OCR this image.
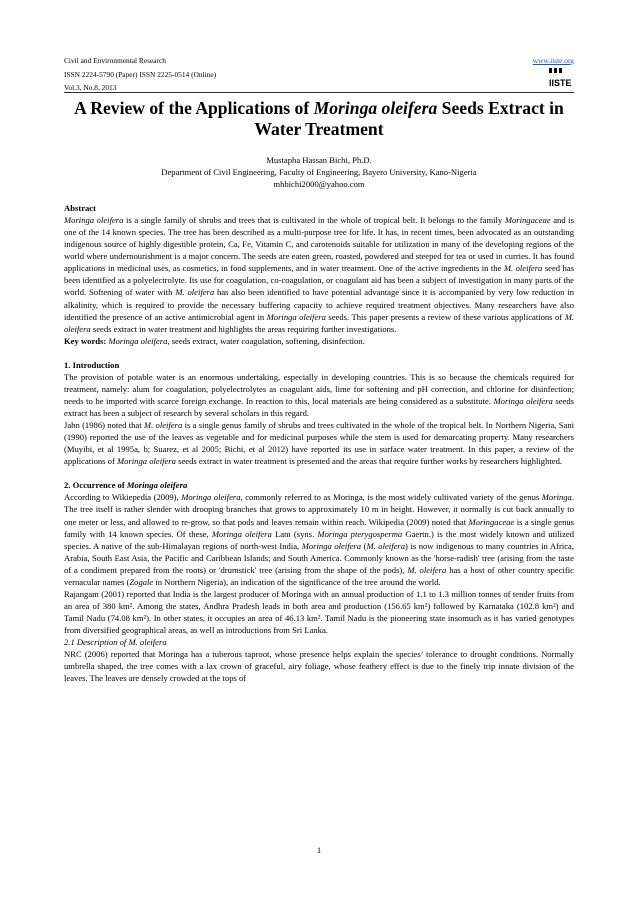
Civil and Environmental Research
ISSN 2224-5790 (Paper) ISSN 2225-0514 (Online)
Vol.3, No.8, 2013
www.iiste.org
IISTE
A Review of the Applications of Moringa oleifera Seeds Extract in Water Treatment
Mustapha Hassan Bichi, Ph.D.
Department of Civil Engineering, Faculty of Engineering, Bayero University, Kano-Nigeria
mhbichi2000@yahoo.com

Abstract

Moringa oleifera is a single family of shrubs and trees that is cultivated in the whole of tropical belt. It belongs to the family Moringaceae and is one of the 14 known species. The tree has been described as a multi-purpose tree for life. It has, in recent times, been advocated as an outstanding indigenous source of highly digestible protein, Ca, Fe, Vitamin C, and carotenoids suitable for utilization in many of the developing regions of the world where undernourishment is a major concern. The seeds are eaten green, roasted, powdered and steeped for tea or used in curries. It has found applications in medicinal uses, as cosmetics, in food supplements, and in water treatment. One of the active ingredients in the M. oleifera seed has been identified as a polyelectrolyte. Its use for coagulation, co-coagulation, or coagulant aid has been a subject of investigation in many parts of the world. Softening of water with M. oleifera has also been identified to have potential advantage since it is accompanied by very low reduction in alkalinity, which is required to provide the necessary buffering capacity to achieve required treatment objectives. Many researchers have also identified the presence of an active antimicrobial agent in Moringa oleifera seeds. This paper presents a review of these various applications of M. oleifera seeds extract in water treatment and highlights the areas requiring further investigations.

Key words: Moringa oleifera, seeds extract, water coagulation, softening, disinfection.

1. Introduction

The provision of potable water is an enormous undertaking, especially in developing countries. This is so because the chemicals required for treatment, namely: alum for coagulation, polyelectrolytes as coagulant aids, lime for softening and pH correction, and chlorine for disinfection; needs to be imported with scarce foreign exchange. In reaction to this, local materials are being considered as a substitute. Moringa oleifera seeds extract has been a subject of research by several scholars in this regard.

Jahn (1986) noted that M. oleifera is a single genus family of shrubs and trees cultivated in the whole of the tropical belt. In Northern Nigeria, Sani (1990) reported the use of the leaves as vegetable and for medicinal purposes while the stem is used for demarcating property. Many researchers (Muyibi, et al 1995a, b; Suarez, et al 2005; Bichi, et al 2012) have reported its use in surface water treatment. In this paper, a review of the applications of Moringa oleifera seeds extract in water treatment is presented and the areas that require further works by researchers highlighted.

2. Occurrence of Moringa oleifera

According to Wikiepedia (2009), Moringa oleifera, commonly referred to as Moringa, is the most widely cultivated variety of the genus Moringa. The tree itself is rather slender with drooping branches that grows to approximately 10 m in height. However, it normally is cut back annually to one meter or less, and allowed to re-grow, so that pods and leaves remain within reach. Wikipedia (2009) noted that Moringaceae is a single genus family with 14 known species. Of these, Moringa oleifera Lam (syns. Moringa pterygosperma Gaertn.) is the most widely known and utilized species. A native of the sub-Himalayan regions of north-west India, Moringa oleifera (M. oleifera) is now indigenous to many countries in Africa, Arabia, South East Asia, the Pacific and Caribbean Islands; and South America. Commonly known as the 'horse-radish' tree (arising from the taste of a condiment prepared from the roots) or 'drumstick' tree (arising from the shape of the pods), M. oleifera has a host of other country specific vernacular names (Zogale in Northern Nigeria), an indication of the significance of the tree around the world.

Rajangam (2001) reported that India is the largest producer of Moringa with an annual production of 1.1 to 1.3 million tonnes of tender fruits from an area of 380 km². Among the states, Andhra Pradesh leads in both area and production (156.65 km²) followed by Karnataka (102.8 km²) and Tamil Nadu (74.08 km²). In other states, it occupies an area of 46.13 km². Tamil Nadu is the pioneering state insomuch as it has varied genotypes from diversified geographical areas, as well as introductions from Sri Lanka.

2.1 Description of M. oleifera

NRC (2006) reported that Moringa has a tuberous taproot, whose presence helps explain the species’ tolerance to drought conditions. Normally umbrella shaped, the tree comes with a lax crown of graceful, airy foliage, whose feathery effect is due to the finely trip innate division of the leaves. The leaves are densely crowded at the tops of

1
